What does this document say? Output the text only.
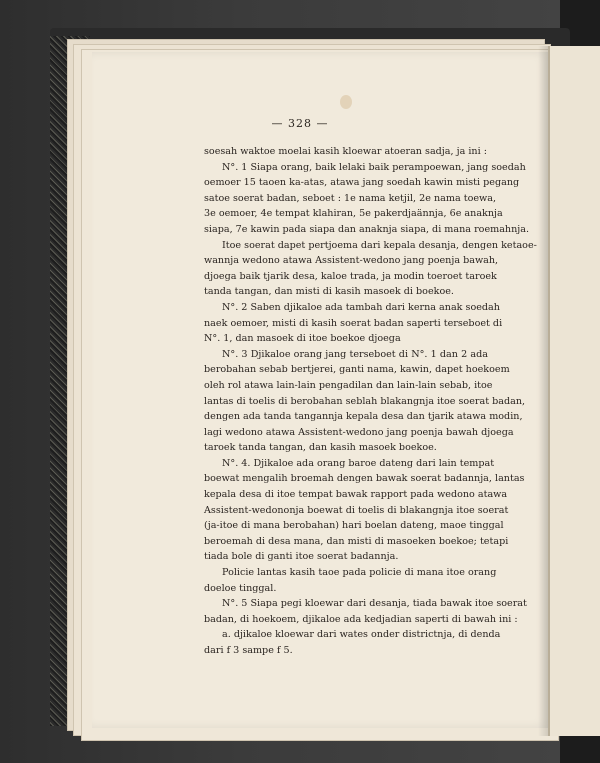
— 328 —
soesah waktoe moelai kasih kloewar atoeran sadja, ja ini :
N°. 1 Siapa orang, baik lelaki baik perampoewan, jang soedah
oemoer 15 taoen ka-atas, atawa jang soedah kawin misti pegang
satoe soerat badan, seboet : 1e nama ketjil, 2e nama toewa,
3e oemoer, 4e tempat klahiran, 5e pakerdjaännja, 6e anaknja
siapa, 7e kawin pada siapa dan anaknja siapa, di mana roemahnja.
Itoe soerat dapet pertjoema dari kepala desanja, dengen ketaoe-
wannja wedono atawa Assistent-wedono jang poenja bawah,
djoega baik tjarik desa, kaloe trada, ja modin toeroet taroek
tanda tangan, dan misti di kasih masoek di boekoe.
N°. 2 Saben djikaloe ada tambah dari kerna anak soedah
naek oemoer, misti di kasih soerat badan saperti terseboet di
N°. 1, dan masoek di itoe boekoe djoega
N°. 3 Djikaloe orang jang terseboet di N°. 1 dan 2 ada
berobahan sebab bertjerei, ganti nama, kawin, dapet hoekoem
oleh rol atawa lain-lain pengadilan dan lain-lain sebab, itoe
lantas di toelis di berobahan seblah blakangnja itoe soerat badan,
dengen ada tanda tangannja kepala desa dan tjarik atawa modin,
lagi wedono atawa Assistent-wedono jang poenja bawah djoega
taroek tanda tangan, dan kasih masoek boekoe.
N°. 4. Djikaloe ada orang baroe dateng dari lain tempat
boewat mengalih broemah dengen bawak soerat badannja, lantas
kepala desa di itoe tempat bawak rapport pada wedono atawa
Assistent-wedononja boewat di toelis di blakangnja itoe soerat
(ja-itoe di mana berobahan) hari boelan dateng, maoe tinggal
beroemah di desa mana, dan misti di masoeken boekoe; tetapi
tiada bole di ganti itoe soerat badannja.
Policie lantas kasih taoe pada policie di mana itoe orang
doeloe tinggal.
N°. 5 Siapa pegi kloewar dari desanja, tiada bawak itoe soerat
badan, di hoekoem, djikaloe ada kedjadian saperti di bawah ini :
a. djikaloe kloewar dari wates onder districtnja, di denda
dari f 3 sampe f 5.
